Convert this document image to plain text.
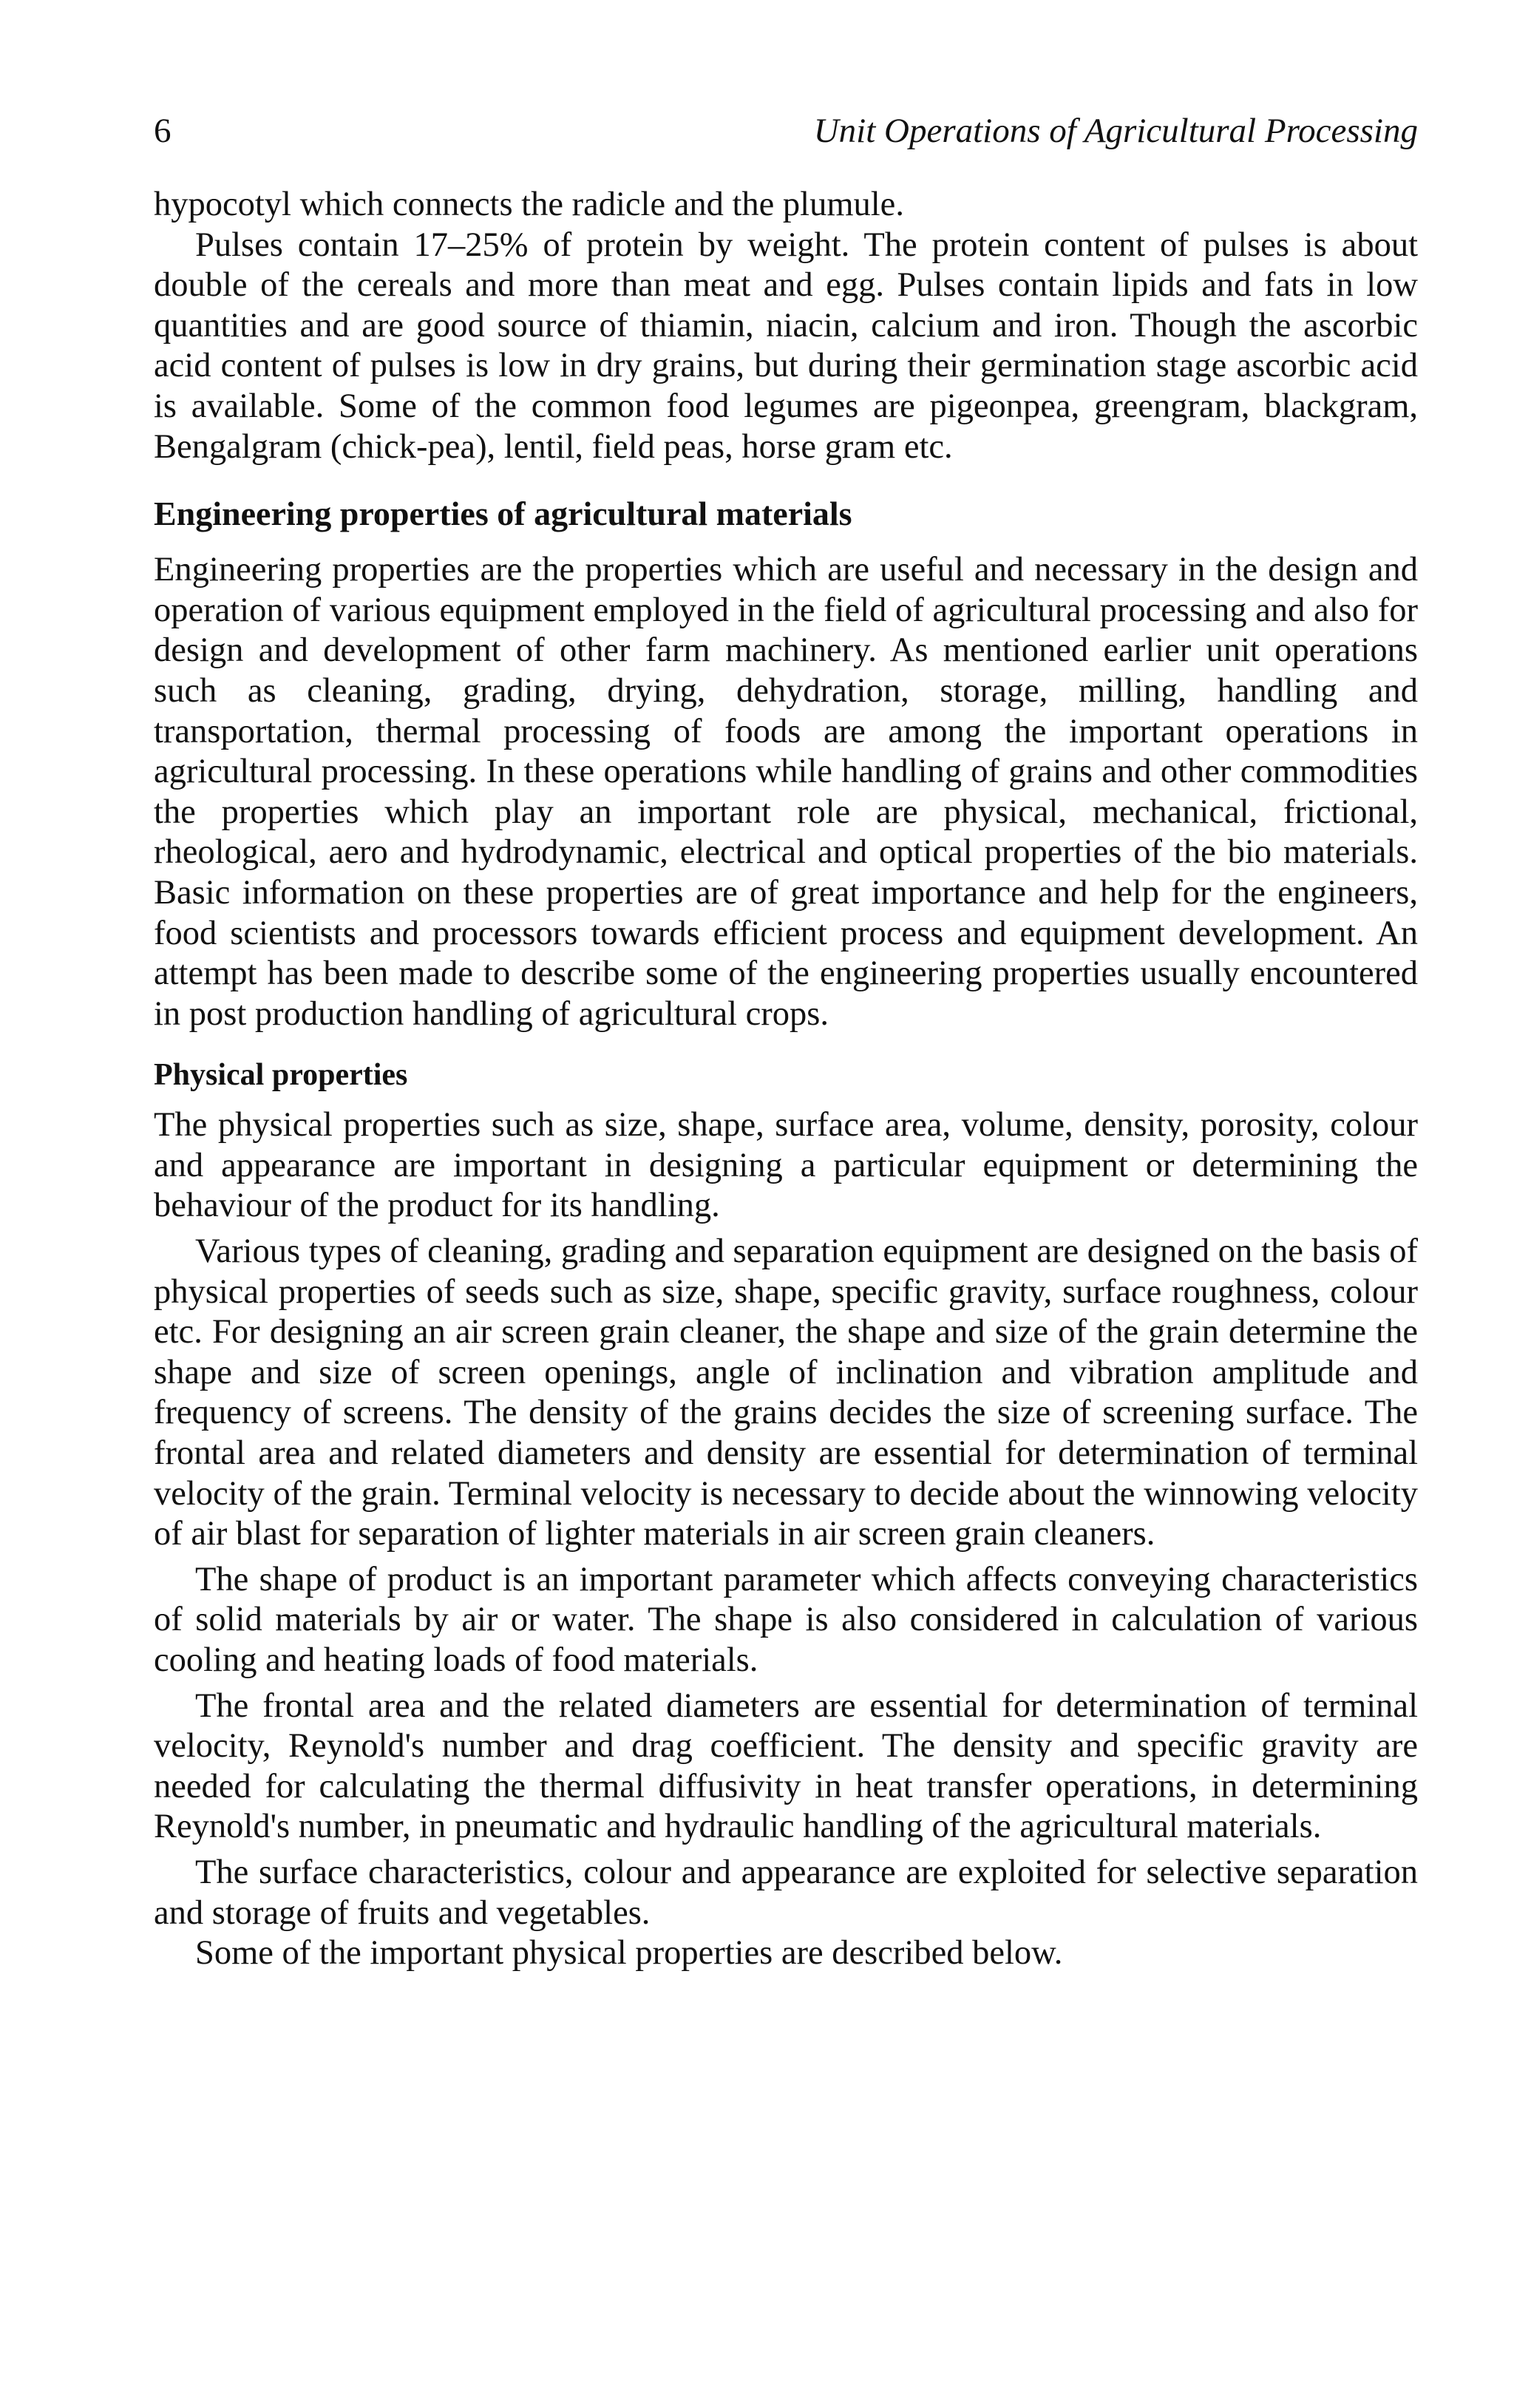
6	Unit Operations of Agricultural Processing

hypocotyl which connects the radicle and the plumule.

Pulses contain 17–25% of protein by weight. The protein content of pulses is about double of the cereals and more than meat and egg. Pulses contain lipids and fats in low quantities and are good source of thiamin, niacin, calcium and iron. Though the ascorbic acid content of pulses is low in dry grains, but during their germination stage ascorbic acid is available. Some of the common food legumes are pigeonpea, greengram, blackgram, Bengalgram (chick-pea), lentil, field peas, horse gram etc.

Engineering properties of agricultural materials

Engineering properties are the properties which are useful and necessary in the design and operation of various equipment employed in the field of agricultural processing and also for design and development of other farm machinery. As mentioned earlier unit operations such as cleaning, grading, drying, dehydration, storage, milling, handling and transportation, thermal processing of foods are among the important operations in agricultural processing. In these operations while handling of grains and other commodities the properties which play an important role are physical, mechanical, frictional, rheological, aero and hydrodynamic, electrical and optical properties of the bio materials. Basic information on these properties are of great importance and help for the engineers, food scientists and processors towards efficient process and equipment development. An attempt has been made to describe some of the engineering properties usually encountered in post production handling of agricultural crops.

Physical properties

The physical properties such as size, shape, surface area, volume, density, porosity, colour and appearance are important in designing a particular equipment or determining the behaviour of the product for its handling.

Various types of cleaning, grading and separation equipment are designed on the basis of physical properties of seeds such as size, shape, specific gravity, surface roughness, colour etc. For designing an air screen grain cleaner, the shape and size of the grain determine the shape and size of screen openings, angle of inclination and vibration amplitude and frequency of screens. The density of the grains decides the size of screening surface. The frontal area and related diameters and density are essential for determination of terminal velocity of the grain. Terminal velocity is necessary to decide about the winnowing velocity of air blast for separation of lighter materials in air screen grain cleaners.

The shape of product is an important parameter which affects conveying characteristics of solid materials by air or water. The shape is also considered in calculation of various cooling and heating loads of food materials.

The frontal area and the related diameters are essential for determination of terminal velocity, Reynold's number and drag coefficient. The density and specific gravity are needed for calculating the thermal diffusivity in heat transfer operations, in determining Reynold's number, in pneumatic and hydraulic handling of the agricultural materials.

The surface characteristics, colour and appearance are exploited for selective separation and storage of fruits and vegetables.

Some of the important physical properties are described below.
